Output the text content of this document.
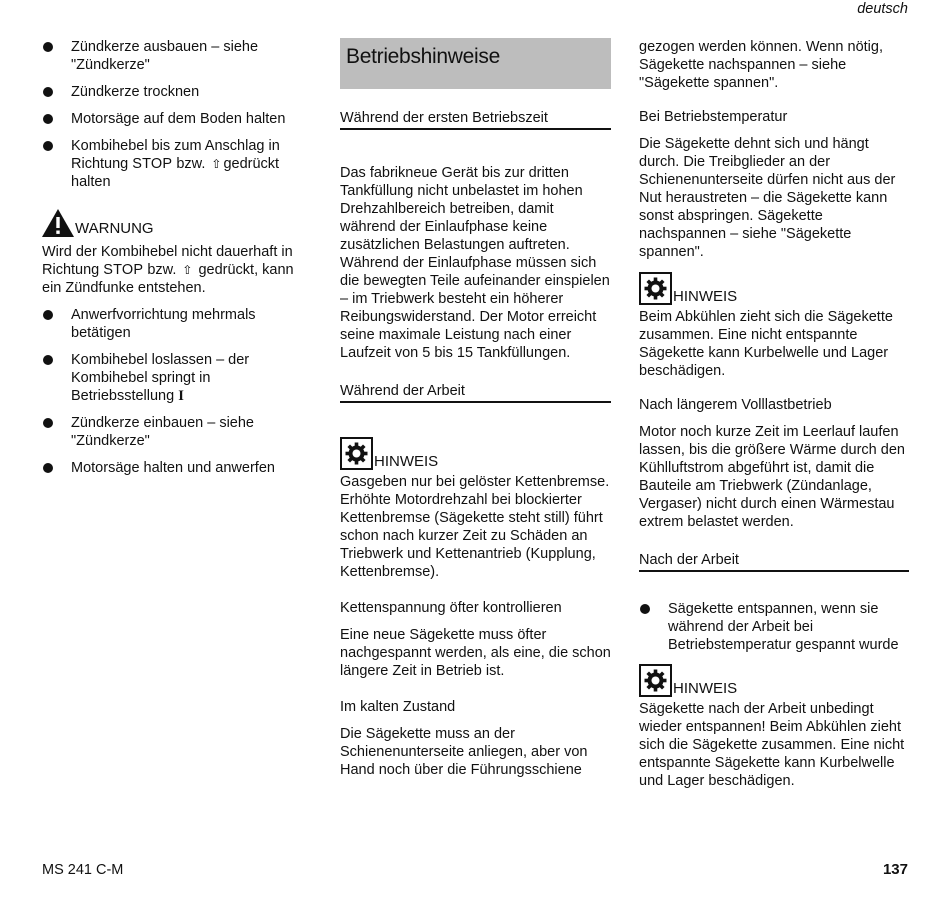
deutsch
Zündkerze ausbauen – siehe "Zündkerze"
Zündkerze trocknen
Motorsäge auf dem Boden halten
Kombihebel bis zum Anschlag in Richtung STOP bzw. ⇧ gedrückt halten
WARNUNG

Wird der Kombihebel nicht dauerhaft in Richtung STOP bzw. ⇧ gedrückt, kann ein Zündfunke entstehen.

Anwerfvorrichtung mehrmals betätigen
Kombihebel loslassen – der Kombihebel springt in Betriebsstellung I
Zündkerze einbauen – siehe "Zündkerze"
Motorsäge halten und anwerfen
Betriebshinweise
Während der ersten Betriebszeit

Das fabrikneue Gerät bis zur dritten Tankfüllung nicht unbelastet im hohen Drehzahlbereich betreiben, damit während der Einlaufphase keine zusätzlichen Belastungen auftreten. Während der Einlaufphase müssen sich die bewegten Teile aufeinander einspielen – im Triebwerk besteht ein höherer Reibungswiderstand. Der Motor erreicht seine maximale Leistung nach einer Laufzeit von 5 bis 15 Tankfüllungen.

Während der Arbeit
HINWEIS

Gasgeben nur bei gelöster Kettenbremse. Erhöhte Motordrehzahl bei blockierter Kettenbremse (Sägekette steht still) führt schon nach kurzer Zeit zu Schäden an Triebwerk und Kettenantrieb (Kupplung, Kettenbremse).

Kettenspannung öfter kontrollieren

Eine neue Sägekette muss öfter nachgespannt werden, als eine, die schon längere Zeit in Betrieb ist.

Im kalten Zustand

Die Sägekette muss an der Schienenunterseite anliegen, aber von Hand noch über die Führungsschiene

gezogen werden können. Wenn nötig, Sägekette nachspannen – siehe "Sägekette spannen".

Bei Betriebstemperatur

Die Sägekette dehnt sich und hängt durch. Die Treibglieder an der Schienenunterseite dürfen nicht aus der Nut heraustreten – die Sägekette kann sonst abspringen. Sägekette nachspannen – siehe "Sägekette spannen".

HINWEIS

Beim Abkühlen zieht sich die Sägekette zusammen. Eine nicht entspannte Sägekette kann Kurbelwelle und Lager beschädigen.

Nach längerem Volllastbetrieb

Motor noch kurze Zeit im Leerlauf laufen lassen, bis die größere Wärme durch den Kühlluftstrom abgeführt ist, damit die Bauteile am Triebwerk (Zündanlage, Vergaser) nicht durch einen Wärmestau extrem belastet werden.

Nach der Arbeit
Sägekette entspannen, wenn sie während der Arbeit bei Betriebstemperatur gespannt wurde
HINWEIS

Sägekette nach der Arbeit unbedingt wieder entspannen! Beim Abkühlen zieht sich die Sägekette zusammen. Eine nicht entspannte Sägekette kann Kurbelwelle und Lager beschädigen.

MS 241 C-M	137
